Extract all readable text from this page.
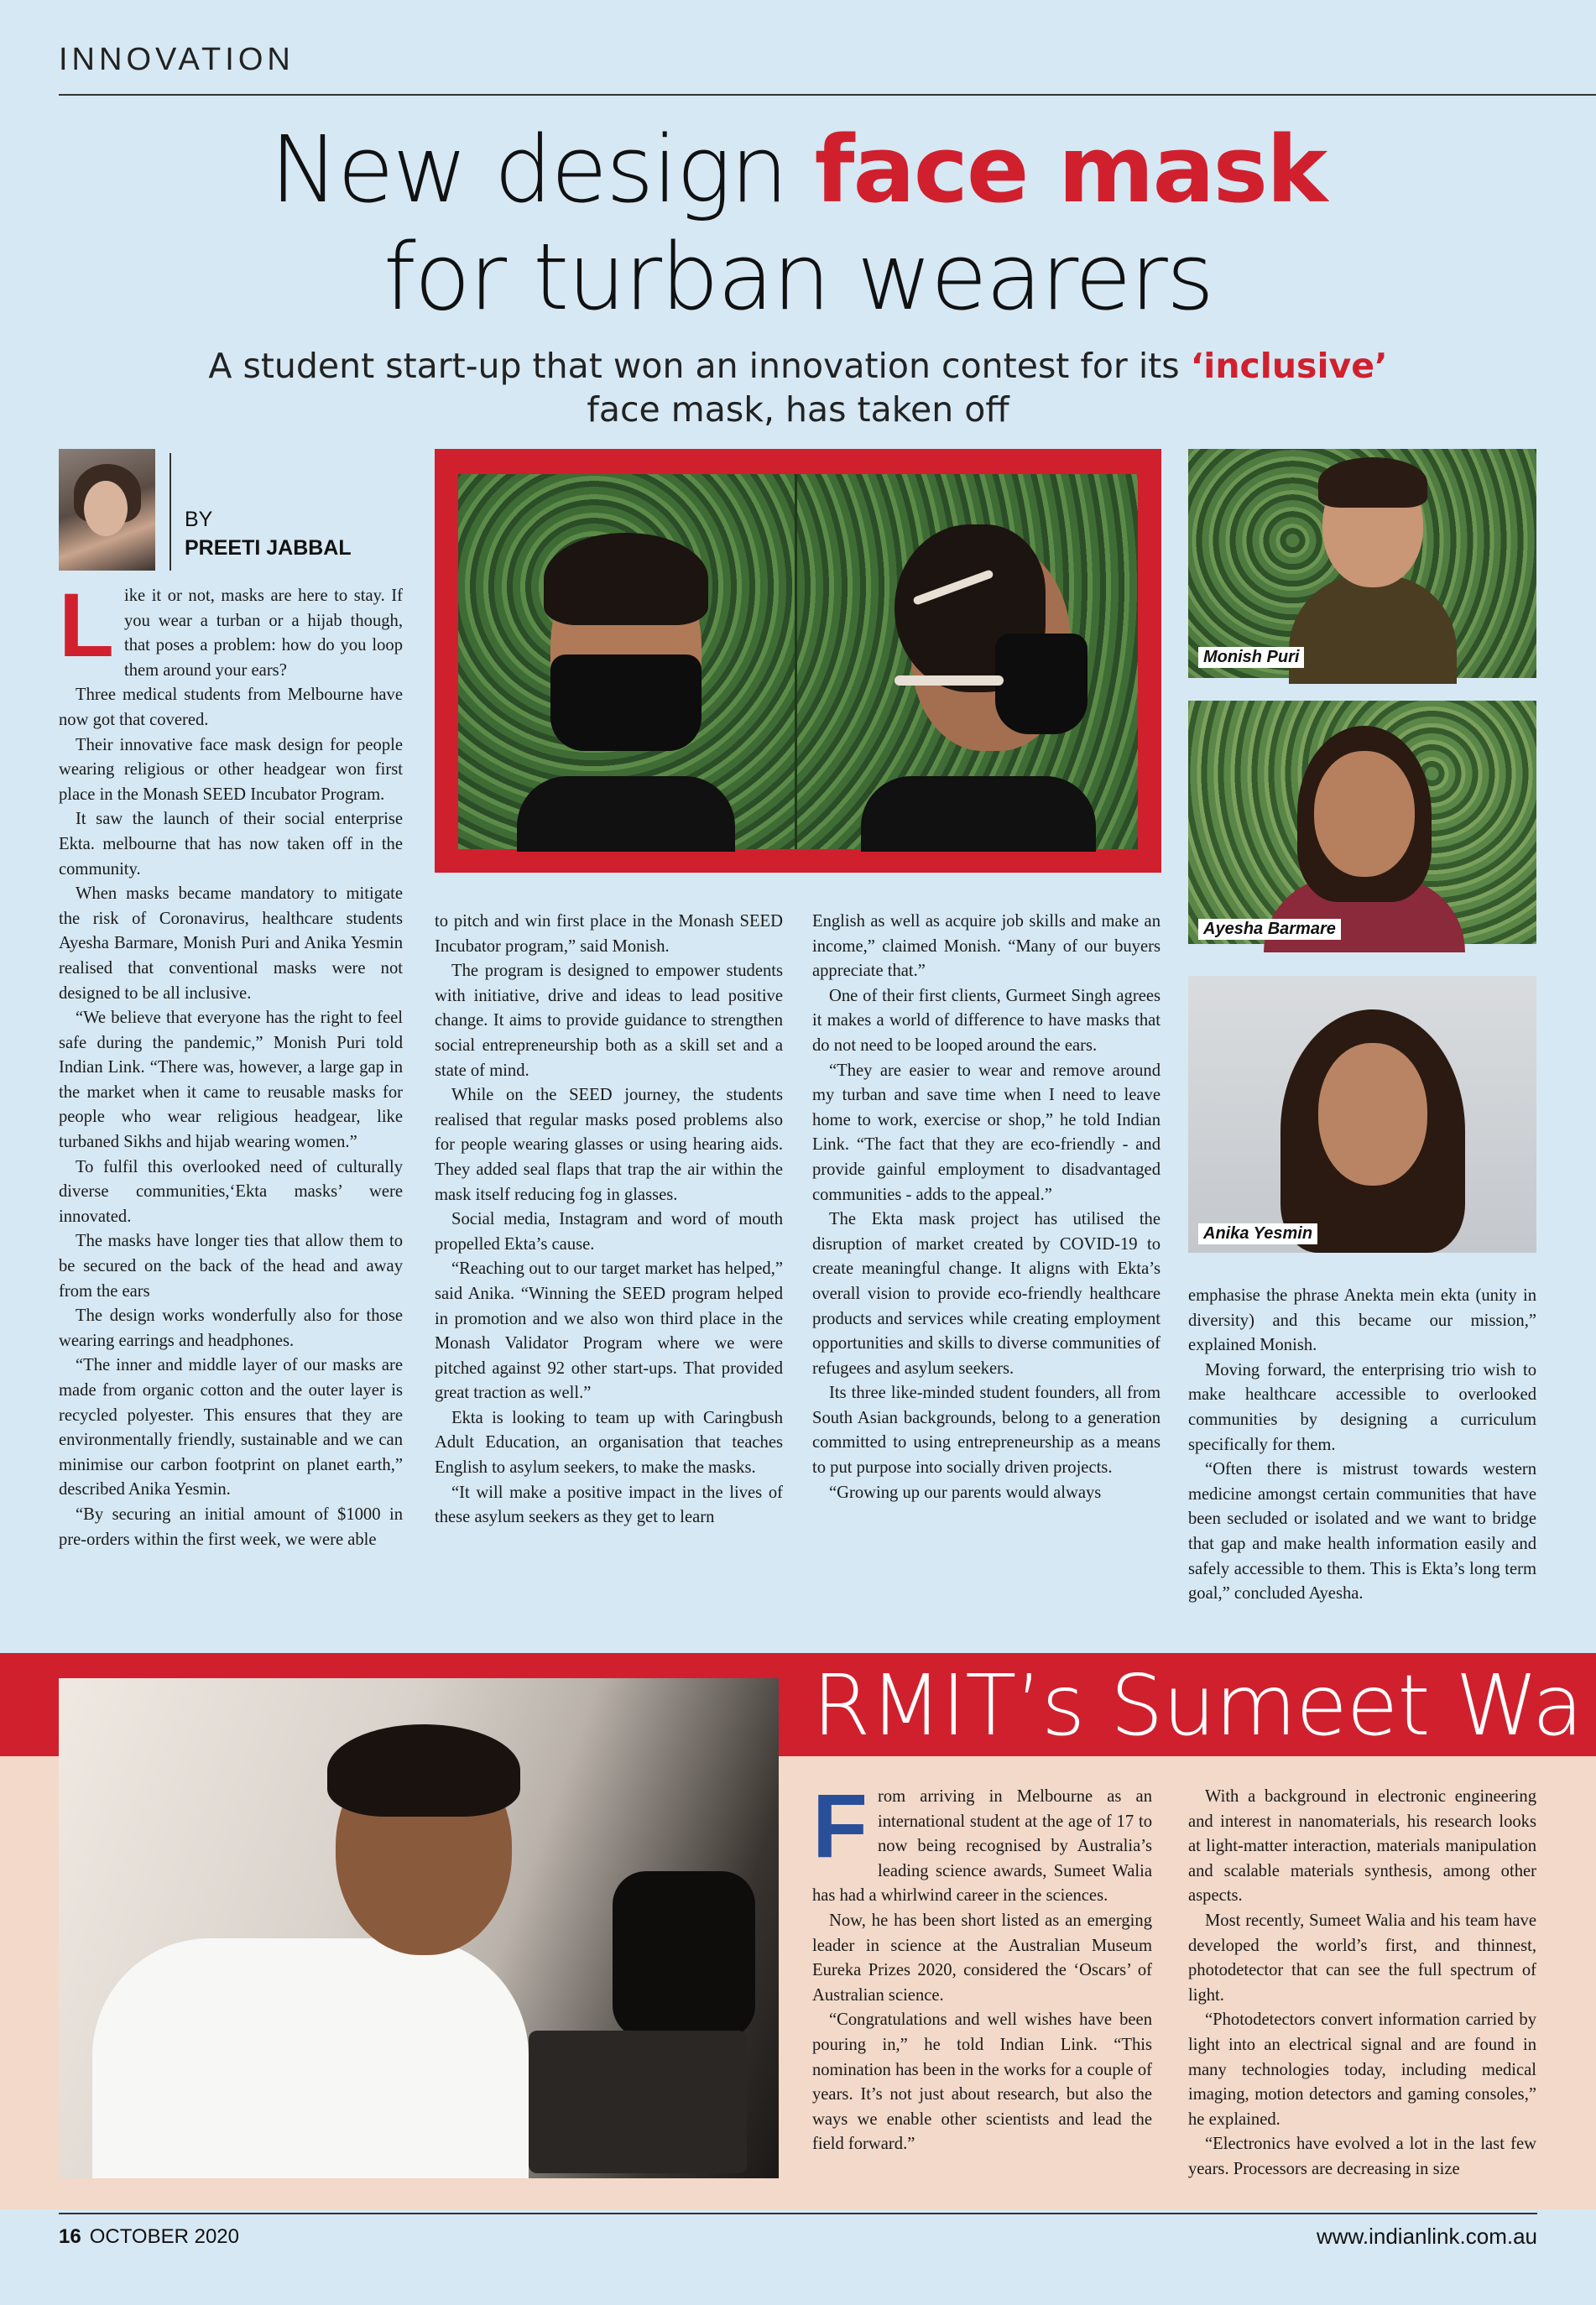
INNOVATION
New design face mask
for turban wearers
A student start-up that won an innovation contest for its ‘inclusive’ face mask, has taken off
BY
PREETI JABBAL
L ike it or not, masks are here to stay. If you wear a turban or a hijab though, that poses a problem: how do you loop them around your ears?

Three medical students from Melbourne have now got that covered.

Their innovative face mask design for people wearing religious or other headgear won first place in the Monash SEED Incubator Program.

It saw the launch of their social enterprise Ekta. melbourne that has now taken off in the community.

When masks became mandatory to mitigate the risk of Coronavirus, healthcare students Ayesha Barmare, Monish Puri and Anika Yesmin realised that conventional masks were not designed to be all inclusive.

“We believe that everyone has the right to feel safe during the pandemic,” Monish Puri told Indian Link. “There was, however, a large gap in the market when it came to reusable masks for people who wear religious headgear, like turbaned Sikhs and hijab wearing women.”

To fulfil this overlooked need of culturally diverse communities,‘Ekta masks’ were innovated.

The masks have longer ties that allow them to be secured on the back of the head and away from the ears

The design works wonderfully also for those wearing earrings and headphones.

“The inner and middle layer of our masks are made from organic cotton and the outer layer is recycled polyester. This ensures that they are environmentally friendly, sustainable and we can minimise our carbon footprint on planet earth,” described Anika Yesmin.

“By securing an initial amount of $1000 in pre-orders within the first week, we were able

to pitch and win first place in the Monash SEED Incubator program,” said Monish.

The program is designed to empower students with initiative, drive and ideas to lead positive change. It aims to provide guidance to strengthen social entrepreneurship both as a skill set and a state of mind.

While on the SEED journey, the students realised that regular masks posed problems also for people wearing glasses or using hearing aids. They added seal flaps that trap the air within the mask itself reducing fog in glasses.

Social media, Instagram and word of mouth propelled Ekta’s cause.

“Reaching out to our target market has helped,” said Anika. “Winning the SEED program helped in promotion and we also won third place in the Monash Validator Program where we were pitched against 92 other start-ups. That provided great traction as well.”

Ekta is looking to team up with Caringbush Adult Education, an organisation that teaches English to asylum seekers, to make the masks.

“It will make a positive impact in the lives of these asylum seekers as they get to learn

English as well as acquire job skills and make an income,” claimed Monish. “Many of our buyers appreciate that.”

One of their first clients, Gurmeet Singh agrees it makes a world of difference to have masks that do not need to be looped around the ears.

“They are easier to wear and remove around my turban and save time when I need to leave home to work, exercise or shop,” he told Indian Link. “The fact that they are eco-friendly - and provide gainful employment to disadvantaged communities - adds to the appeal.”

The Ekta mask project has utilised the disruption of market created by COVID-19 to create meaningful change. It aligns with Ekta’s overall vision to provide eco-friendly healthcare products and services while creating employment opportunities and skills to diverse communities of refugees and asylum seekers.

Its three like-minded student founders, all from South Asian backgrounds, belong to a generation committed to using entrepreneurship as a means to put purpose into socially driven projects.

“Growing up our parents would always

Monish Puri
Ayesha Barmare
Anika Yesmin

emphasise the phrase Anekta mein ekta (unity in diversity) and this became our mission,” explained Monish.

Moving forward, the enterprising trio wish to make healthcare accessible to overlooked communities by designing a curriculum specifically for them.

“Often there is mistrust towards western medicine amongst certain communities that have been secluded or isolated and we want to bridge that gap and make health information easily and safely accessible to them. This is Ekta’s long term goal,” concluded Ayesha.

RMIT’s Sumeet Wa
F rom arriving in Melbourne as an international student at the age of 17 to now being recognised by Australia’s leading science awards, Sumeet Walia has had a whirlwind career in the sciences.

Now, he has been short listed as an emerging leader in science at the Australian Museum Eureka Prizes 2020, considered the ‘Oscars’ of Australian science.

“Congratulations and well wishes have been pouring in,” he told Indian Link. “This nomination has been in the works for a couple of years. It’s not just about research, but also the ways we enable other scientists and lead the field forward.”

With a background in electronic engineering and interest in nanomaterials, his research looks at light-matter interaction, materials manipulation and scalable materials synthesis, among other aspects.

Most recently, Sumeet Walia and his team have developed the world’s first, and thinnest, photodetector that can see the full spectrum of light.

“Photodetectors convert information carried by light into an electrical signal and are found in many technologies today, including medical imaging, motion detectors and gaming consoles,” he explained.

“Electronics have evolved a lot in the last few years. Processors are decreasing in size

16 OCTOBER 2020	www.indianlink.com.au
